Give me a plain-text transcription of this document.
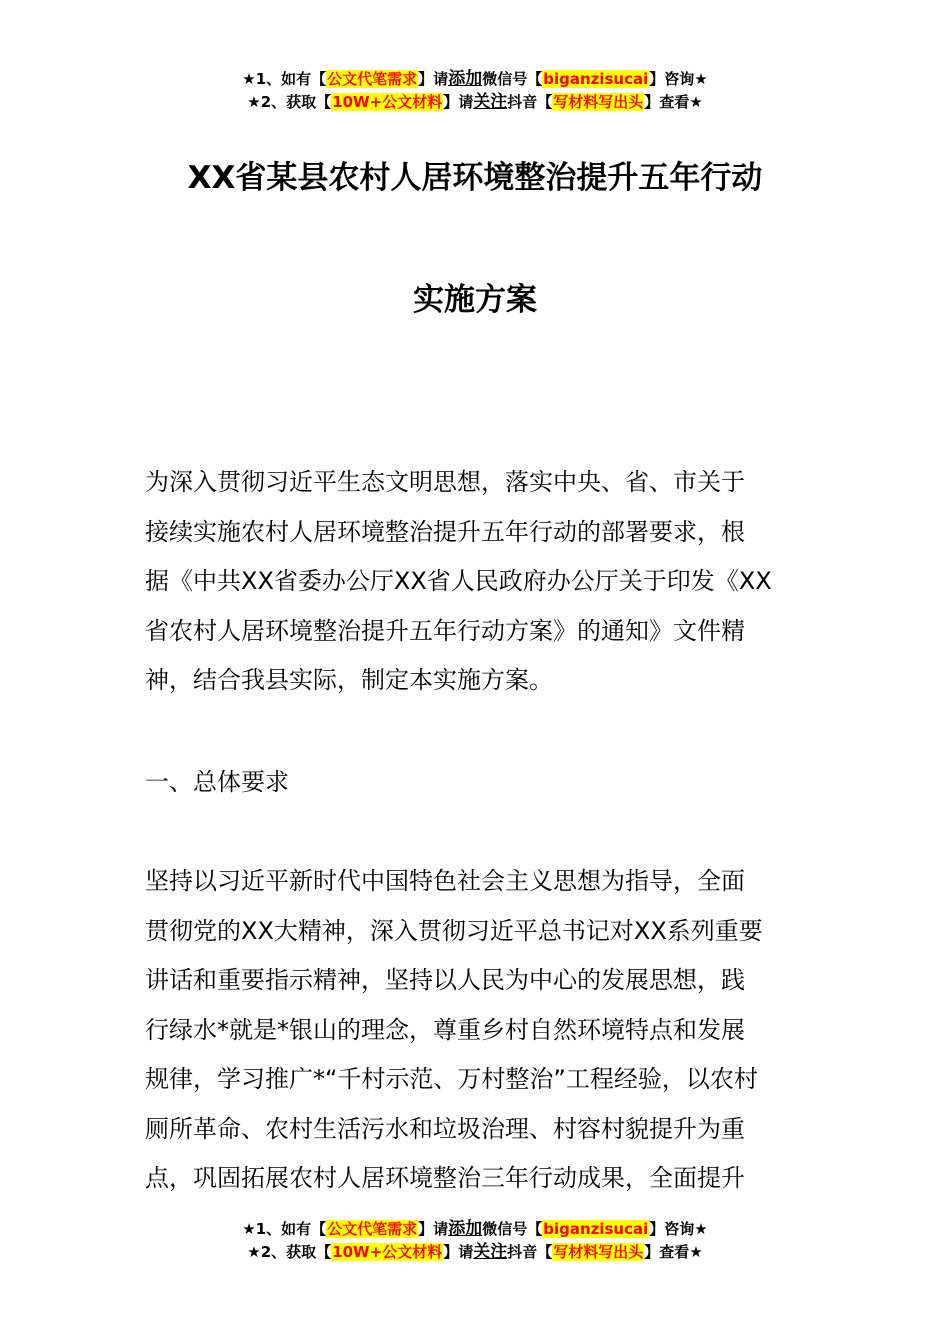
★1、如有【公文代笔需求】请添加微信号【biganzisucai】咨询★
★2、获取【10W+公文材料】请关注抖音【写材料写出头】查看★
XX省某县农村人居环境整治提升五年行动
实施方案
为深入贯彻习近平生态文明思想，落实中央、省、市关于
接续实施农村人居环境整治提升五年行动的部署要求，根
据《中共XX省委办公厅XX省人民政府办公厅关于印发《XX
省农村人居环境整治提升五年行动方案》的通知》文件精
神，结合我县实际，制定本实施方案。
一、总体要求
坚持以习近平新时代中国特色社会主义思想为指导，全面
贯彻党的XX大精神，深入贯彻习近平总书记对XX系列重要
讲话和重要指示精神，坚持以人民为中心的发展思想，践
行绿水*就是*银山的理念，尊重乡村自然环境特点和发展
规律，学习推广*“千村示范、万村整治”工程经验，以农村
厕所革命、农村生活污水和垃圾治理、村容村貌提升为重
点，巩固拓展农村人居环境整治三年行动成果，全面提升
★1、如有【公文代笔需求】请添加微信号【biganzisucai】咨询★
★2、获取【10W+公文材料】请关注抖音【写材料写出头】查看★
